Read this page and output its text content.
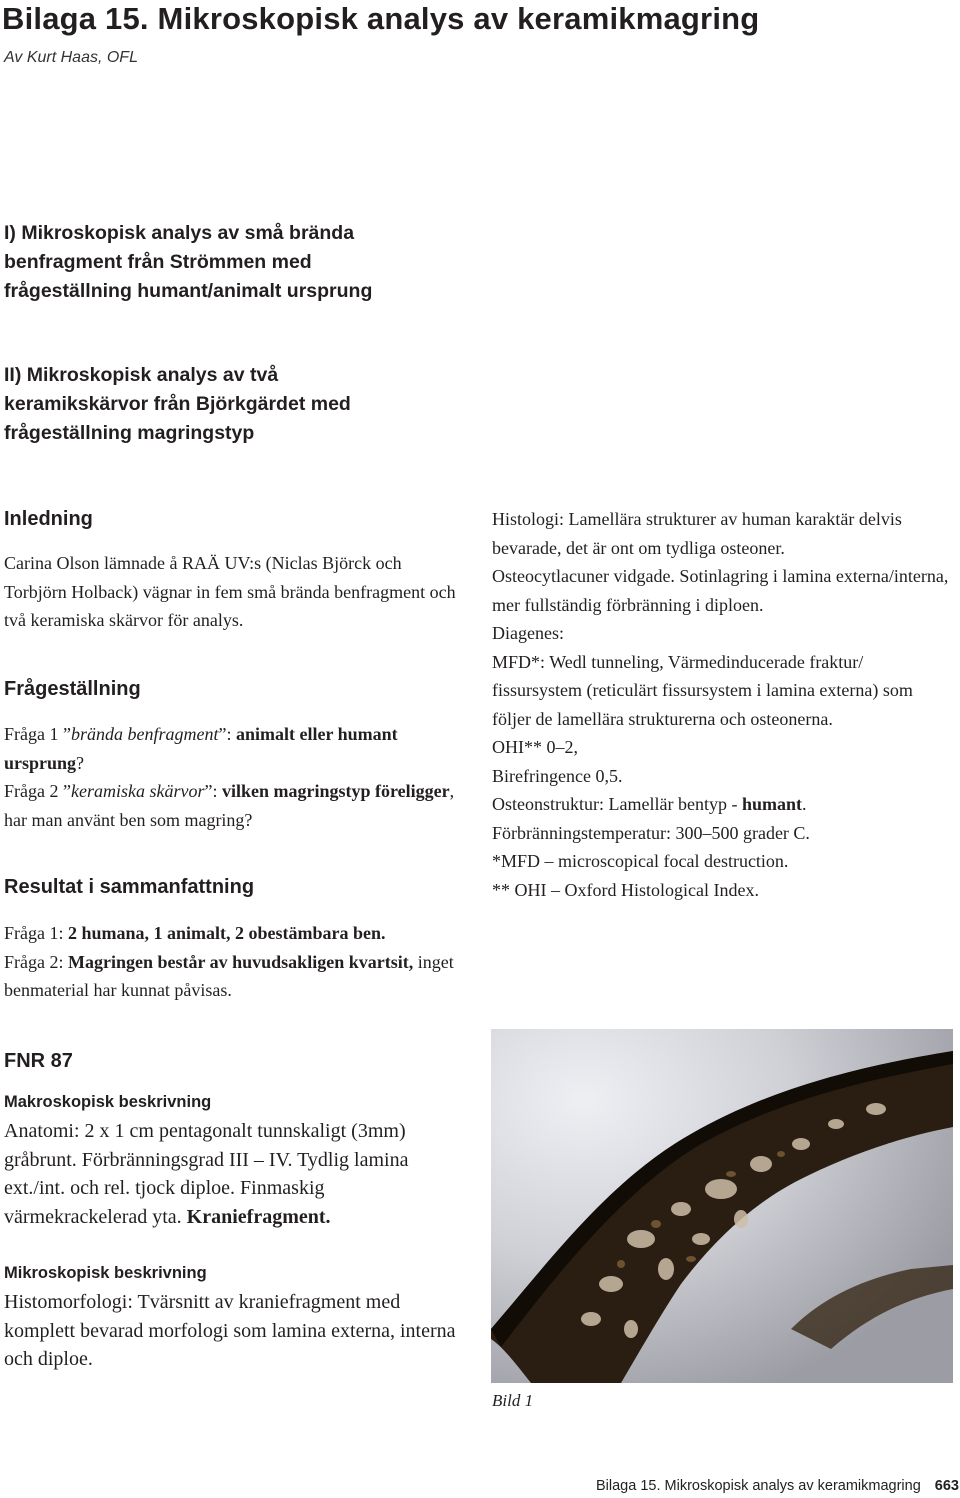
Bilaga 15. Mikroskopisk analys av keramikmagring
Av Kurt Haas, OFL
I) Mikroskopisk analys av små brända
benfragment från Strömmen med
frågeställning humant/animalt ursprung
II) Mikroskopisk analys av två
keramikskärvor från Björkgärdet med
frågeställning magringstyp
Inledning
Carina Olson lämnade å RAÄ UV:s (Niclas Björck och Torbjörn Holback) vägnar in fem små brända benfragment och två keramiska skärvor för analys.
Frågeställning

Fråga 1 ”brända benfragment”: animalt eller humant ursprung?

Fråga 2 ”keramiska skärvor”: vilken magringstyp föreligger, har man använt ben som magring?

Resultat i sammanfattning

Fråga 1: 2 humana, 1 animalt, 2 obestämbara ben.

Fråga 2: Magringen består av huvudsakligen kvartsit, inget benmaterial har kunnat påvisas.

FNR 87
Makroskopisk beskrivning
Anatomi: 2 x 1 cm pentagonalt tunnskaligt (3mm) gråbrunt. Förbränningsgrad III – IV. Tydlig lamina ext./int. och rel. tjock diploe. Finmaskig värmekrackelerad yta. Kraniefragment.
Mikroskopisk beskrivning
Histomorfologi: Tvärsnitt av kraniefragment med komplett bevarad morfologi som lamina externa, interna och diploe.

Histologi: Lamellära strukturer av human karaktär delvis bevarade, det är ont om tydliga osteoner.

Osteocytlacuner vidgade. Sotinlagring i lamina externa/interna, mer fullständig förbränning i diploen.

Diagenes:

MFD*: Wedl tunneling, Värmedinducerade fraktur/ fissursystem (reticulärt fissursystem i lamina externa) som följer de lamellära strukturerna och osteonerna.

OHI** 0–2,

Birefringence 0,5.

Osteonstruktur: Lamellär bentyp - humant.

Förbränningstemperatur: 300–500 grader C.

*MFD – microscopical focal destruction.

** OHI – Oxford Histological Index.

Bild 1
Bilaga 15. Mikroskopisk analys av keramikmagring 663
